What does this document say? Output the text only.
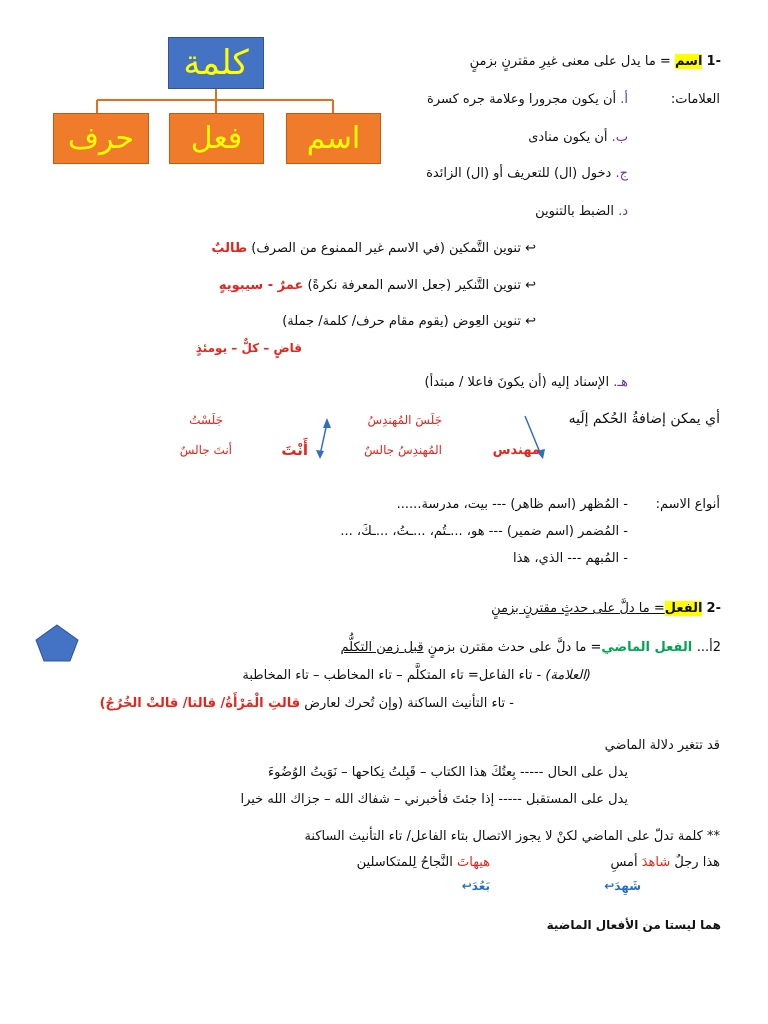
كلمة
اسم
فعل
حرف
-1 اسم = ما يدل على معنى غيرِ مقترنٍ بزمنٍ
العلامات:
أ. أن يكون مجرورا وعلامة جره كسرة
ب. أن يكون منادى
ج. دخول (ال) للتعريف أو (ال) الزائدة
د. الضبط بالتنوين
↩ تنوين التَّمكين (في الاسم غير الممنوع من الصرف) طالبٌ
↩ تنوين التَّنكير (جعل الاسم المعرفة نكرةً) عمرٌ - سيبويهٍ
↩ تنوين العِوض (يقوم مقام حرف/ كلمة/ جملة)
قاضٍ – كلٌّ – يومئذٍ
هـ. الإسناد إليه (أن يكونَ فاعلا / مبتدأ)
أي يمكن إضافةُ الحُكم إلَيه
جَلَسَ المُهندِسُ
جَلَسْتُ
مهندس
المُهندِسُ جالسٌ
أَنْتَ
أنتَ جالسٌ
أنواع الاسم:
- المُظهر (اسم ظاهر) --- بيت، مدرسة......
- المُضمر (اسم ضمير) --- هو، ...ـتُم، ...ـتُ، ...ـكَ، ...
- المُبهم --- الذي، هذا
-2 الفعل= ما دلَّ على حدثٍ مقترنٍ بزمنٍ
2أ... الفعل الماضي= ما دلَّ على حدث مقترن بزمنٍ قبل زمن التكلُّم
(العلامة) - تاء الفاعل= تاء المتكلَّم – تاء المخاطب – تاء المخاطبة
- تاء التأنيث الساكنة (وإن تُحرك لعارض قالتِ الْمَرْأَةُ/ قالتا/ قالتْ الخُرُجُ)
قد تتغير دلالة الماضي
يدل على الحال ----- بِعتُكَ هذا الكتاب – قَبِلتُ نِكاحها – نَوَيتُ الوُضُوءَ
يدل على المستقبل ----- إذا جئتَ فأخبرني – شفاك الله – جزاك الله خيرا
** كلمة تدلّ على الماضي لكنْ لا يجوز الاتصال بتاء الفاعل/ تاء التأنيث الساكنة
هذا رجلٌ شاهدَ أمسِ
هيهاتَ النَّجاحُ لِلمتكاسلين
شَهِدَ↩
بَعُدَ↩
هما ليستا من الأفعال الماضية
